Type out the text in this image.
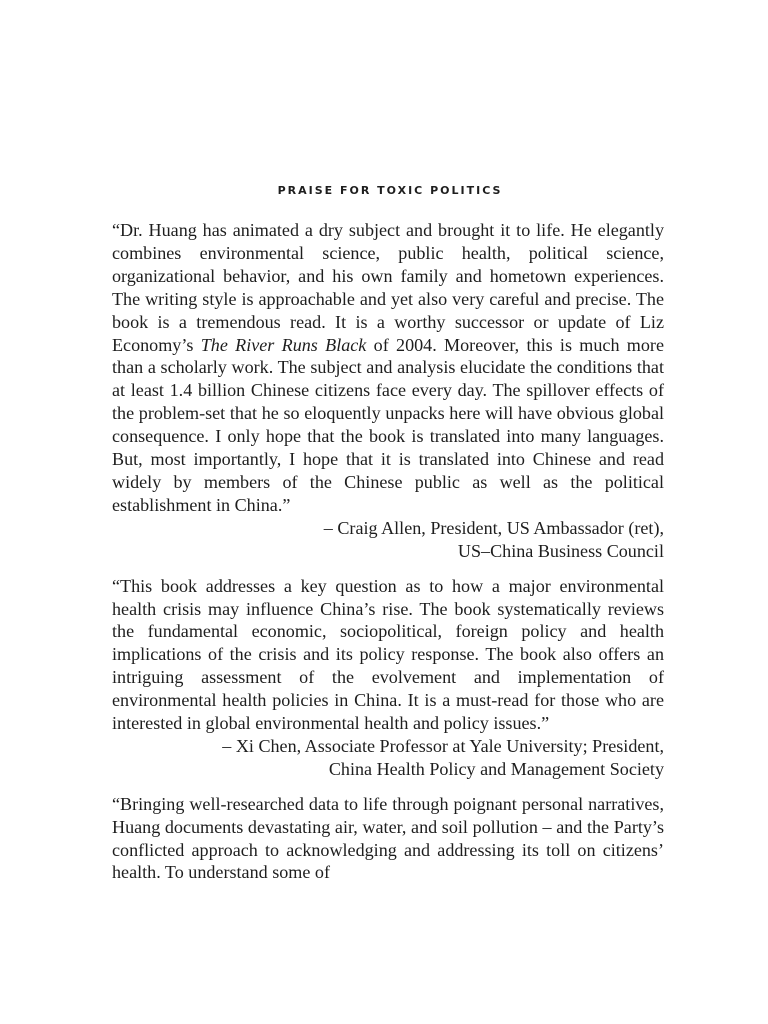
PRAISE FOR TOXIC POLITICS

“Dr. Huang has animated a dry subject and brought it to life. He elegantly combines environmental science, public health, political science, organizational behavior, and his own family and hometown experiences. The writing style is approachable and yet also very careful and precise. The book is a tremendous read. It is a worthy successor or update of Liz Economy’s The River Runs Black of 2004. Moreover, this is much more than a scholarly work. The subject and analysis elucidate the conditions that at least 1.4 billion Chinese citizens face every day. The spillover effects of the problem-set that he so eloquently unpacks here will have obvious global consequence. I only hope that the book is translated into many languages. But, most importantly, I hope that it is translated into Chinese and read widely by members of the Chinese public as well as the political establishment in China.”

– Craig Allen, President, US Ambassador (ret),

US–China Business Council

“This book addresses a key question as to how a major environmental health crisis may influence China’s rise. The book systematically reviews the fundamental economic, sociopolitical, foreign policy and health implications of the crisis and its policy response. The book also offers an intriguing assessment of the evolvement and implementation of environmental health policies in China. It is a must-read for those who are interested in global environmental health and policy issues.”

– Xi Chen, Associate Professor at Yale University; President,

China Health Policy and Management Society

“Bringing well-researched data to life through poignant personal narratives, Huang documents devastating air, water, and soil pollution – and the Party’s conflicted approach to acknowledging and addressing its toll on citizens’ health. To understand some of
